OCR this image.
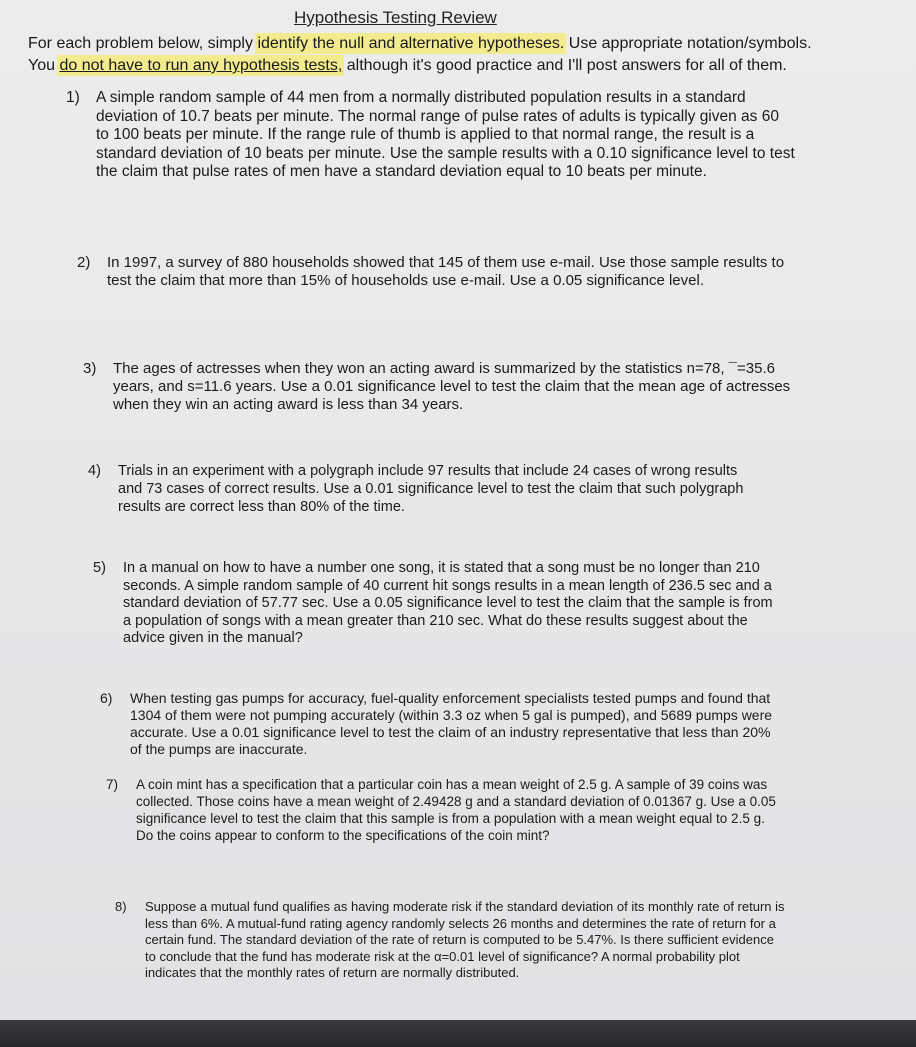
Hypothesis Testing Review
For each problem below, simply identify the null and alternative hypotheses. Use appropriate notation/symbols.
You do not have to run any hypothesis tests, although it's good practice and I'll post answers for all of them.
1)	A simple random sample of 44 men from a normally distributed population results in a standard deviation of 10.7 beats per minute. The normal range of pulse rates of adults is typically given as 60 to 100 beats per minute. If the range rule of thumb is applied to that normal range, the result is a standard deviation of 10 beats per minute. Use the sample results with a 0.10 significance level to test the claim that pulse rates of men have a standard deviation equal to 10 beats per minute.
2)	In 1997, a survey of 880 households showed that 145 of them use e-mail. Use those sample results to test the claim that more than 15% of households use e-mail. Use a 0.05 significance level.
3)	The ages of actresses when they won an acting award is summarized by the statistics n=78, ¯=35.6 years, and s=11.6 years. Use a 0.01 significance level to test the claim that the mean age of actresses when they win an acting award is less than 34 years.
4)	Trials in an experiment with a polygraph include 97 results that include 24 cases of wrong results and 73 cases of correct results. Use a 0.01 significance level to test the claim that such polygraph results are correct less than 80% of the time.
5)	In a manual on how to have a number one song, it is stated that a song must be no longer than 210 seconds. A simple random sample of 40 current hit songs results in a mean length of 236.5 sec and a standard deviation of 57.77 sec. Use a 0.05 significance level to test the claim that the sample is from a population of songs with a mean greater than 210 sec. What do these results suggest about the advice given in the manual?
6)	When testing gas pumps for accuracy, fuel-quality enforcement specialists tested pumps and found that 1304 of them were not pumping accurately (within 3.3 oz when 5 gal is pumped), and 5689 pumps were accurate. Use a 0.01 significance level to test the claim of an industry representative that less than 20% of the pumps are inaccurate.
7)	A coin mint has a specification that a particular coin has a mean weight of 2.5 g. A sample of 39 coins was collected. Those coins have a mean weight of 2.49428 g and a standard deviation of 0.01367 g. Use a 0.05 significance level to test the claim that this sample is from a population with a mean weight equal to 2.5 g. Do the coins appear to conform to the specifications of the coin mint?
8)	Suppose a mutual fund qualifies as having moderate risk if the standard deviation of its monthly rate of return is less than 6%. A mutual-fund rating agency randomly selects 26 months and determines the rate of return for a certain fund. The standard deviation of the rate of return is computed to be 5.47%. Is there sufficient evidence to conclude that the fund has moderate risk at the α=0.01 level of significance? A normal probability plot indicates that the monthly rates of return are normally distributed.
